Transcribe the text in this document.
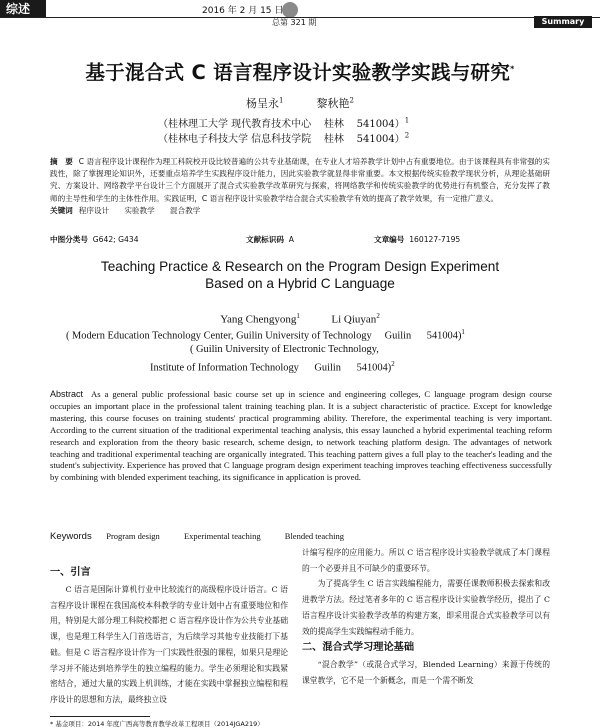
综述	2016 年 2 月 15 日
总第 321 期	Summary
基于混合式 C 语言程序设计实验教学实践与研究*
杨呈永$^1$	黎秋艳$^2$
（桂林理工大学 现代教育技术中心    桂林    541004）$^1$
（桂林电子科技大学 信息科技学院    桂林    541004）$^2$
摘　要 C 语言程序设计课程作为理工科院校开设比较普遍的公共专业基础课，在专业人才培养教学计划中占有重要地位。由于该课程具有非常强的实践性，除了掌握理论知识外，还要重点培养学生实践程序设计能力，因此实验教学就显得非常重要。本文根据传统实验教学现状分析，从理论基础研究、方案设计、网络教学平台设计三个方面展开了混合式实验教学改革研究与探索，将网络教学和传统实验教学的优势进行有机整合，充分发挥了教师的主导性和学生的主体性作用。实践证明，C 语言程序设计实验教学结合混合式实验教学有效的提高了教学效果，有一定推广意义。
关键词 程序设计　　 实验教学　　 混合教学
中图分类号 G642; G434	文献标识码 A	文章编号 160127-7195
Teaching Practice & Research on the Program Design Experiment
Based on a Hybrid C Language
Yang Chengyong$^1$	Li Qiuyan$^2$
( Modern Education Technology Center, Guilin University of Technology     Guilin      541004)$^1$
( Guilin University of Electronic Technology,
Institute of Information Technology      Guilin      541004)$^2$
Abstract As a general public professional basic course set up in science and engineering colleges, C language program design course occupies an important place in the professional talent training teaching plan. It is a subject characteristic of practice. Except for knowledge mastering, this course focuses on training students' practical programming ability. Therefore, the experimental teaching is very important. According to the current situation of the traditional experimental teaching analysis, this essay launched a hybrid experimental teaching reform research and exploration from the theory basic research, scheme design, to network teaching platform design. The advantages of network teaching and traditional experimental teaching are organically integrated. This teaching pattern gives a full play to the teacher's leading and the student's subjectivity. Experience has proved that C language program design experiment teaching improves teaching effectiveness successfully by combining with blended experiment teaching, its significance in application is proved.
Keywords Program design	Experimental teaching	Blended teaching
一、引言

C 语言是国际计算机行业中比较流行的高级程序设计语言。C 语言程序设计课程在我国高校本科教学的专业计划中占有重要地位和作用，特别是大部分理工科院校都把 C 语言程序设计作为公共专业基础课，也是理工科学生入门首选语言，为后续学习其他专业技能打下基础。但是 C 语言程序设计作为一门实践性很强的课程，如果只是理论学习并不能达到培养学生的独立编程的能力。学生必须理论和实践紧密结合，通过大量的实践上机训练，才能在实践中掌握独立编程和程序设计的思想和方法，最终独立设

计编写程序的应用能力。所以 C 语言程序设计实验教学就成了本门课程的一个必要并且不可缺少的重要环节。

为了提高学生 C 语言实践编程能力，需要任课教师积极去探索和改进教学方法。经过笔者多年的 C 语言程序设计实验教学经历，提出了 C 语言程序设计实验教学改革的构建方案，即采用混合式实验教学可以有效的提高学生实践编程动手能力。

二、混合式学习理论基础

“混合教学”（或混合式学习，Blended Learning）来源于传统的课堂教学，它不是一个新概念，而是一个需不断发

* 基金项目：2014 年度广西高等教育教学改革工程项目（2014JGA219）
